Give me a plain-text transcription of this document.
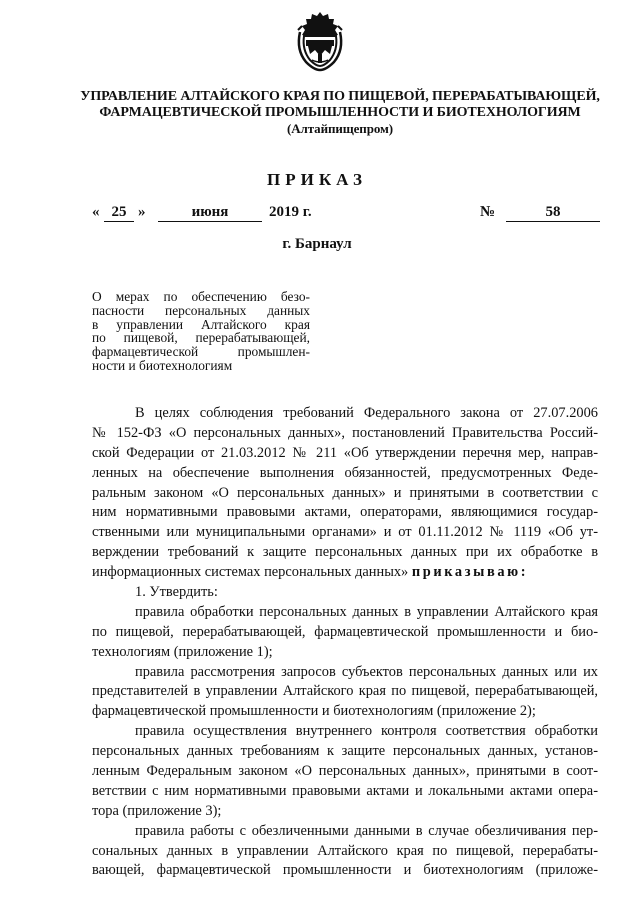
УПРАВЛЕНИЕ АЛТАЙСКОГО КРАЯ ПО ПИЩЕВОЙ, ПЕРЕРАБАТЫВАЮЩЕЙ,
ФАРМАЦЕВТИЧЕСКОЙ ПРОМЫШЛЕННОСТИ И БИОТЕХНОЛОГИЯМ
(Алтайпищепром)
ПРИКАЗ
« 25 »	июня	2019 г.	№	58
г. Барнаул
О мерах по обеспечению безо-
пасности персональных данных
в управлении Алтайского края
по пищевой, перерабатывающей,
фармацевтической промышлен-
ности и биотехнологиям
В целях соблюдения требований Федерального закона от 27.07.2006
№ 152-ФЗ «О персональных данных», постановлений Правительства Россий-
ской Федерации от 21.03.2012 № 211 «Об утверждении перечня мер, направ-
ленных на обеспечение выполнения обязанностей, предусмотренных Феде-
ральным законом «О персональных данных» и принятыми в соответствии с
ним нормативными правовыми актами, операторами, являющимися государ-
ственными или муниципальными органами» и от 01.11.2012 № 1119 «Об ут-
верждении требований к защите персональных данных при их обработке в
информационных системах персональных данных» приказываю:
1. Утвердить:
правила обработки персональных данных в управлении Алтайского края
по пищевой, перерабатывающей, фармацевтической промышленности и био-
технологиям (приложение 1);
правила рассмотрения запросов субъектов персональных данных или их
представителей в управлении Алтайского края по пищевой, перерабатывающей,
фармацевтической промышленности и биотехнологиям (приложение 2);
правила осуществления внутреннего контроля соответствия обработки
персональных данных требованиям к защите персональных данных, установ-
ленным Федеральным законом «О персональных данных», принятыми в соот-
ветствии с ним нормативными правовыми актами и локальными актами опера-
тора (приложение 3);
правила работы с обезличенными данными в случае обезличивания пер-
сональных данных в управлении Алтайского края по пищевой, перерабаты-
вающей, фармацевтической промышленности и биотехнологиям (приложе-
